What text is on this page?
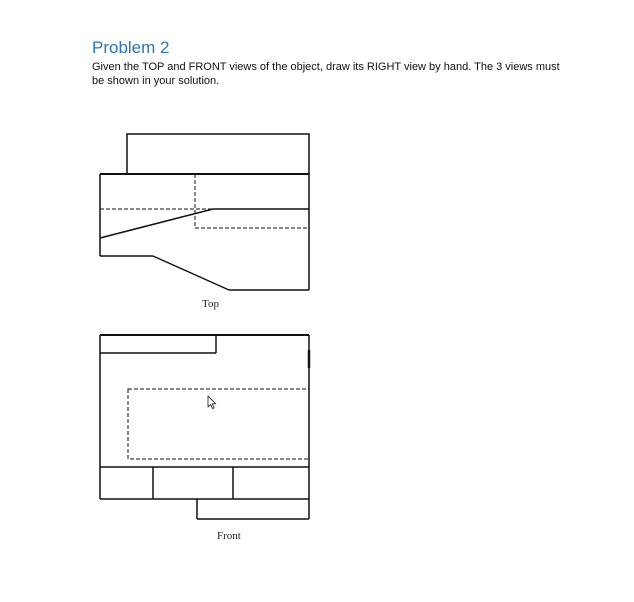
Problem 2
Given the TOP and FRONT views of the object, draw its RIGHT view by hand. The 3 views must be shown in your solution.
Top
Front
